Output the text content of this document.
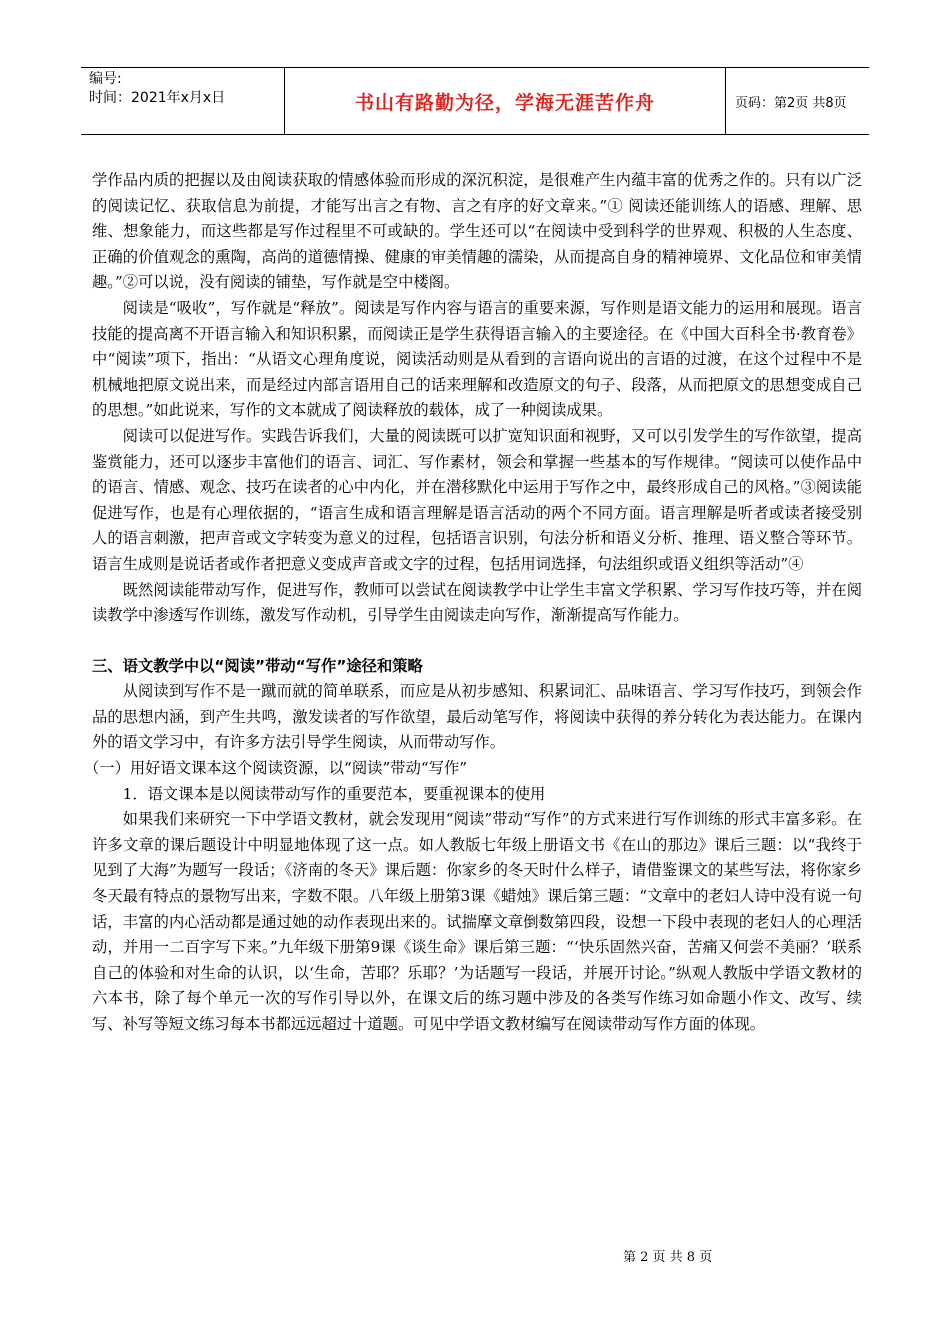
编号:
时间：2021年x月x日	书山有路勤为径，学海无涯苦作舟	页码：第2页 共8页

学作品内质的把握以及由阅读获取的情感体验而形成的深沉积淀，是很难产生内蕴丰富的优秀之作的。只有以广泛的阅读记忆、获取信息为前提，才能写出言之有物、言之有序的好文章来。”① 阅读还能训练人的语感、理解、思维、想象能力，而这些都是写作过程里不可或缺的。学生还可以“在阅读中受到科学的世界观、积极的人生态度、正确的价值观念的熏陶，高尚的道德情操、健康的审美情趣的濡染，从而提高自身的精神境界、文化品位和审美情趣。”②可以说，没有阅读的铺垫，写作就是空中楼阁。

阅读是“吸收”，写作就是“释放”。阅读是写作内容与语言的重要来源，写作则是语文能力的运用和展现。语言技能的提高离不开语言输入和知识积累，而阅读正是学生获得语言输入的主要途径。在《中国大百科全书·教育卷》中“阅读”项下，指出：“从语文心理角度说，阅读活动则是从看到的言语向说出的言语的过渡，在这个过程中不是机械地把原文说出来，而是经过内部言语用自己的话来理解和改造原文的句子、段落，从而把原文的思想变成自己的思想。”如此说来，写作的文本就成了阅读释放的载体，成了一种阅读成果。

阅读可以促进写作。实践告诉我们，大量的阅读既可以扩宽知识面和视野，又可以引发学生的写作欲望，提高鉴赏能力，还可以逐步丰富他们的语言、词汇、写作素材，领会和掌握一些基本的写作规律。“阅读可以使作品中的语言、情感、观念、技巧在读者的心中内化，并在潜移默化中运用于写作之中，最终形成自己的风格。”③阅读能促进写作，也是有心理依据的，“语言生成和语言理解是语言活动的两个不同方面。语言理解是听者或读者接受别人的语言刺激，把声音或文字转变为意义的过程，包括语言识别，句法分析和语义分析、推理、语义整合等环节。语言生成则是说话者或作者把意义变成声音或文字的过程，包括用词选择，句法组织或语义组织等活动”④

既然阅读能带动写作，促进写作，教师可以尝试在阅读教学中让学生丰富文学积累、学习写作技巧等，并在阅读教学中渗透写作训练，激发写作动机，引导学生由阅读走向写作，渐渐提高写作能力。

三、语文教学中以“阅读”带动“写作”途径和策略

从阅读到写作不是一蹴而就的简单联系，而应是从初步感知、积累词汇、品味语言、学习写作技巧，到领会作品的思想内涵，到产生共鸣，激发读者的写作欲望，最后动笔写作，将阅读中获得的养分转化为表达能力。在课内外的语文学习中，有许多方法引导学生阅读，从而带动写作。

（一）用好语文课本这个阅读资源，以“阅读”带动“写作”

1．语文课本是以阅读带动写作的重要范本，要重视课本的使用

如果我们来研究一下中学语文教材，就会发现用“阅读”带动“写作”的方式来进行写作训练的形式丰富多彩。在许多文章的课后题设计中明显地体现了这一点。如人教版七年级上册语文书《在山的那边》课后三题：以“我终于见到了大海”为题写一段话；《济南的冬天》课后题：你家乡的冬天时什么样子，请借鉴课文的某些写法，将你家乡冬天最有特点的景物写出来，字数不限。八年级上册第3课《蜡烛》课后第三题：“文章中的老妇人诗中没有说一句话，丰富的内心活动都是通过她的动作表现出来的。试揣摩文章倒数第四段，设想一下段中表现的老妇人的心理活动，并用一二百字写下来。”九年级下册第9课《谈生命》课后第三题：“‘快乐固然兴奋，苦痛又何尝不美丽？’联系自己的体验和对生命的认识，以‘生命，苦耶？乐耶？’为话题写一段话，并展开讨论。”纵观人教版中学语文教材的六本书，除了每个单元一次的写作引导以外，在课文后的练习题中涉及的各类写作练习如命题小作文、改写、续写、补写等短文练习每本书都远远超过十道题。可见中学语文教材编写在阅读带动写作方面的体现。

第 2 页 共 8 页
